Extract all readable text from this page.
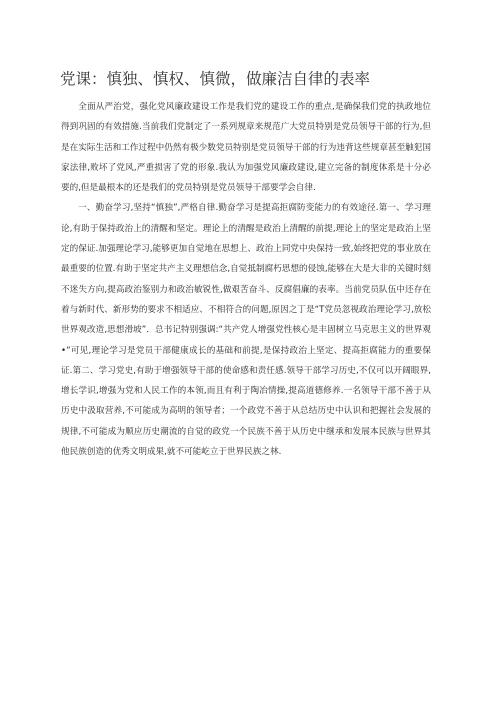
党课：慎独、慎权、慎微，做廉洁自律的表率

全面从严治党，强化党风廉政建设工作是我们党的建设工作的重点,是确保我们党的执政地位得到巩固的有效措施.当前我们党制定了一系列规章来规范广大党员特别是党员领导干部的行为,但是在实际生活和工作过程中仍然有极少数党员特别是党员领导干部的行为违背这些规章甚至触犯国家法律,败坏了党风,严重损害了党的形象.我认为加强党风廉政建设,建立完备的制度体系是十分必要的,但是最根本的还是我们的党员特别是党员领导干部要学会自律.

一、勤奋学习,坚持“慎独”,严格自律.勤奋学习是提高拒腐防变能力的有效途径.第一、学习理论,有助于保持政治上的清醒和坚定。理论上的清醒是政治上清醒的前提,理论上的坚定是政治上坚定的保证.加强理论学习,能够更加自觉地在思想上、政治上同党中央保持一致,始终把党的事业放在最重要的位置.有助于坚定共产主义理想信念,自觉抵制腐朽思想的侵蚀,能够在大是大非的关键时刻不迷失方向,提高政治鉴别力和政治敏锐性,做艰苦奋斗、反腐倡廉的表率。当前党员队伍中还存在着与新时代、新形势的要求不相适应、不相符合的问题,原因之丁是“T党员忽视政治理论学习,放松世界观改造,思想滑坡”．总书记特别强调:“共产党人增强党性核心是丰固树立马克思主义的世界观•”可见,理论学习是党员干部健康成长的基础和前提,是保持政治上坚定、提高拒腐能力的重要保证.第二、学习党史,有助于增强领导干部的使命感和责任感.领导干部学习历史,不仅可以开阔眼界,增长学识,增强为党和人民工作的本领,而且有利于陶冶情操,提高道德修养.一名领导干部不善于从历史中汲取营养,不可能成为高明的领导者；一个政党不善于从总结历史中认识和把握社会发展的规律,不可能成为顺应历史潮流的自觉的政党一个民族不善于从历史中继承和发展本民族与世界其他民族创造的优秀文明成果,就不可能屹立于世界民族之林.
